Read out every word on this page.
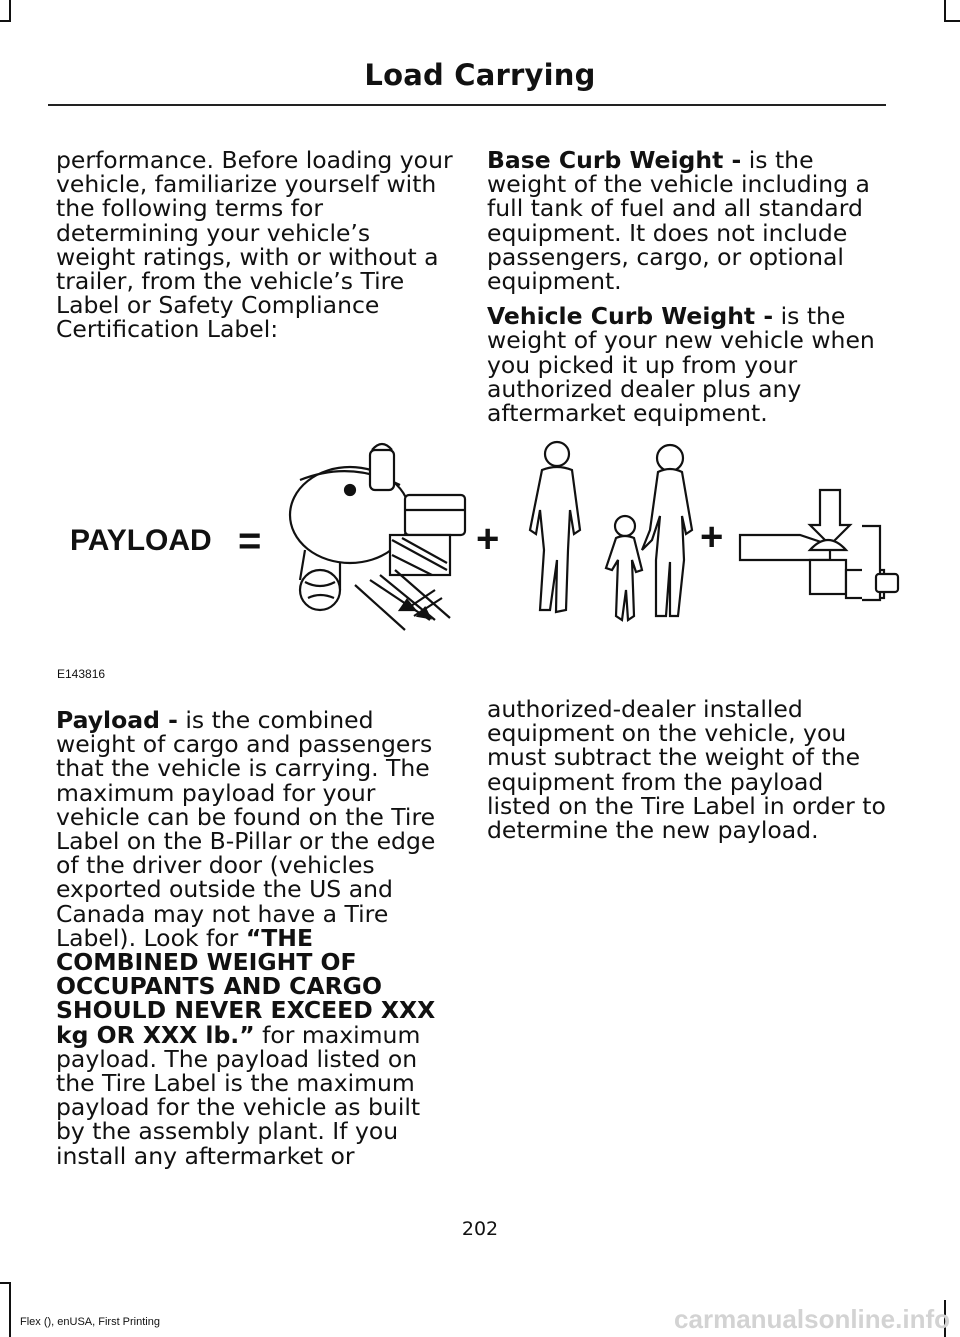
Load Carrying

performance. Before loading your vehicle, familiarize yourself with the following terms for determining your vehicle’s weight ratings, with or without a trailer, from the vehicle’s Tire Label or Safety Compliance Certification Label:

Base Curb Weight - is the weight of the vehicle including a full tank of fuel and all standard equipment. It does not include passengers, cargo, or optional equipment.

Vehicle Curb Weight - is the weight of your new vehicle when you picked it up from your authorized dealer plus any aftermarket equipment.

PAYLOAD =	+	+
E143816

Payload - is the combined weight of cargo and passengers that the vehicle is carrying. The maximum payload for your vehicle can be found on the Tire Label on the B-Pillar or the edge of the driver door (vehicles exported outside the US and Canada may not have a Tire Label). Look for “THE COMBINED WEIGHT OF OCCUPANTS AND CARGO SHOULD NEVER EXCEED XXX kg OR XXX lb.” for maximum payload. The payload listed on the Tire Label is the maximum payload for the vehicle as built by the assembly plant. If you install any aftermarket or

authorized-dealer installed equipment on the vehicle, you must subtract the weight of the equipment from the payload listed on the Tire Label in order to determine the new payload.

202
Flex (), enUSA, First Printing	carmanualsonline.info
